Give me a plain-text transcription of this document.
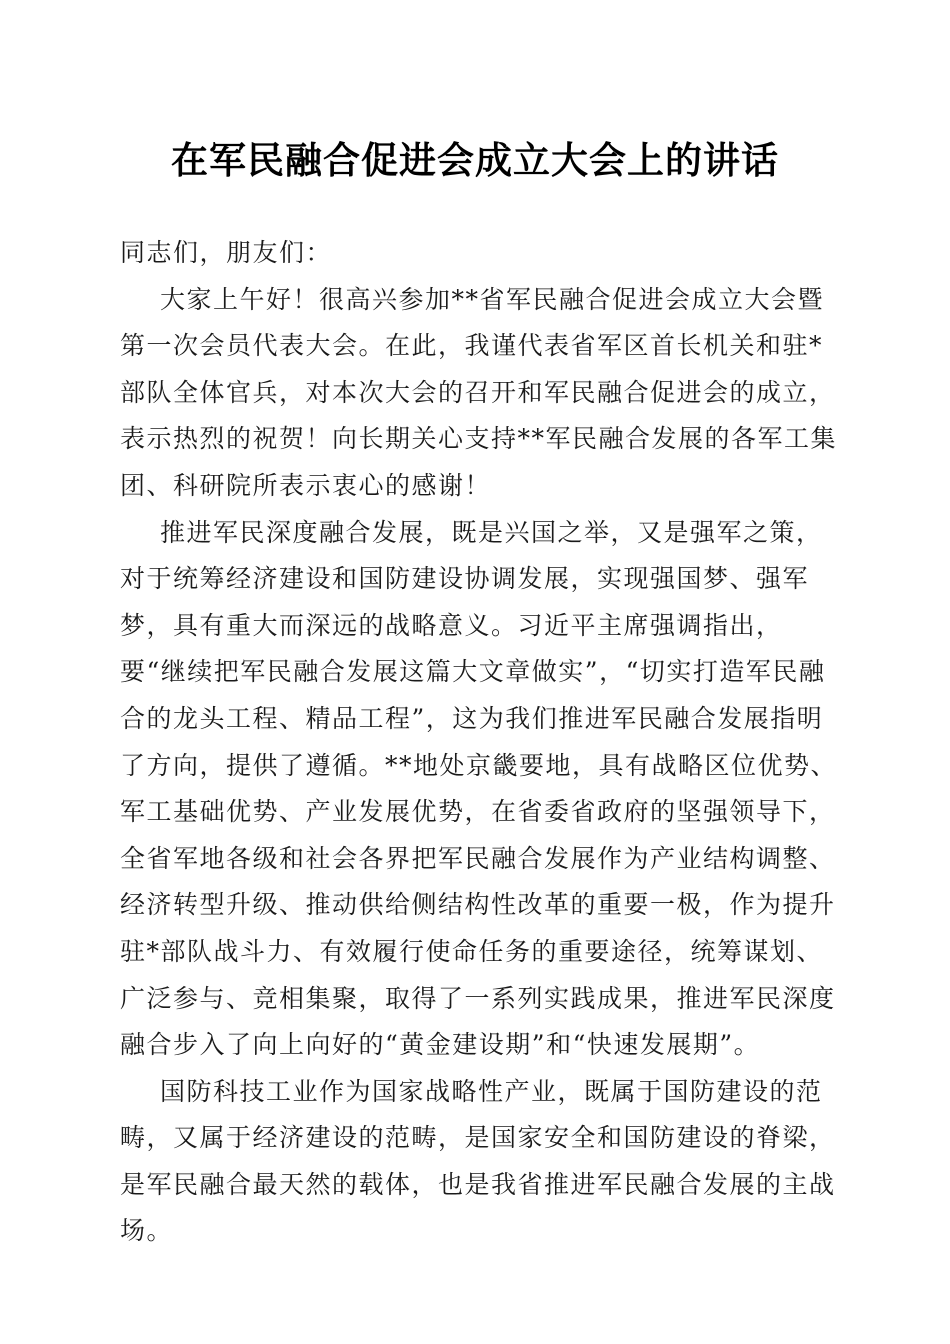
在军民融合促进会成立大会上的讲话

同志们，朋友们：

大家上午好！很高兴参加**省军民融合促进会成立大会暨第一次会员代表大会。在此，我谨代表省军区首长机关和驻*部队全体官兵，对本次大会的召开和军民融合促进会的成立，表示热烈的祝贺！向长期关心支持**军民融合发展的各军工集团、科研院所表示衷心的感谢！

推进军民深度融合发展，既是兴国之举，又是强军之策，对于统筹经济建设和国防建设协调发展，实现强国梦、强军梦，具有重大而深远的战略意义。习近平主席强调指出，要“继续把军民融合发展这篇大文章做实”，“切实打造军民融合的龙头工程、精品工程”，这为我们推进军民融合发展指明了方向，提供了遵循。**地处京畿要地，具有战略区位优势、军工基础优势、产业发展优势，在省委省政府的坚强领导下，全省军地各级和社会各界把军民融合发展作为产业结构调整、经济转型升级、推动供给侧结构性改革的重要一极，作为提升驻*部队战斗力、有效履行使命任务的重要途径，统筹谋划、广泛参与、竞相集聚，取得了一系列实践成果，推进军民深度融合步入了向上向好的“黄金建设期”和“快速发展期”。

国防科技工业作为国家战略性产业，既属于国防建设的范畴，又属于经济建设的范畴，是国家安全和国防建设的脊梁，是军民融合最天然的载体，也是我省推进军民融合发展的主战场。
